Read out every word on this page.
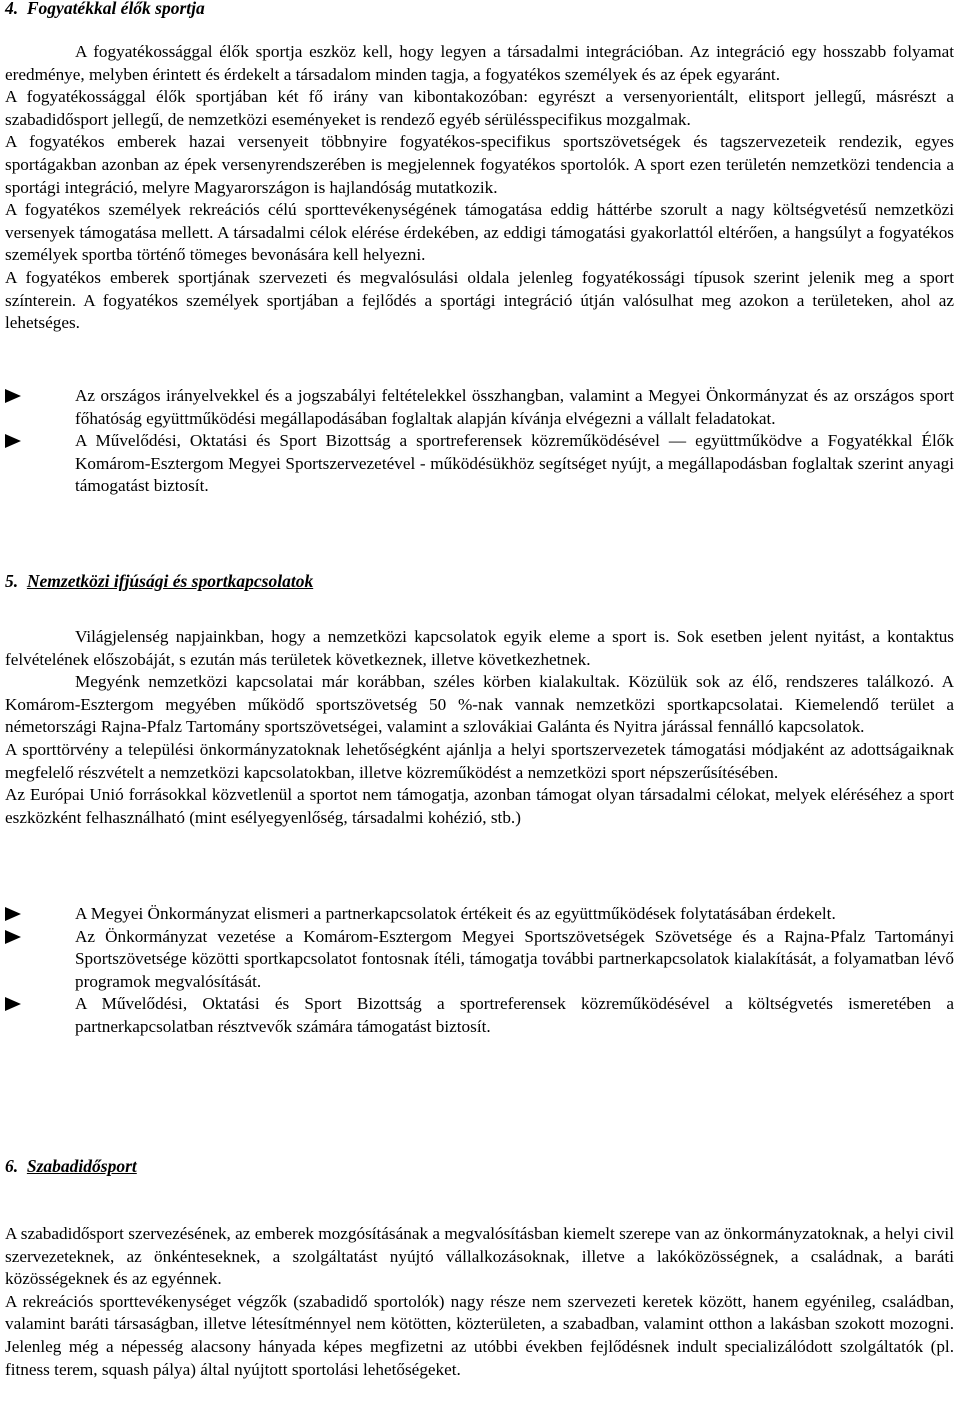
4. Fogyatékkal élők sportja

A fogyatékossággal élők sportja eszköz kell, hogy legyen a társadalmi integrációban. Az integráció egy hosszabb folyamat eredménye, melyben érintett és érdekelt a társadalom minden tagja, a fogyatékos személyek és az épek egyaránt.

A fogyatékossággal élők sportjában két fő irány van kibontakozóban: egyrészt a versenyorientált, elitsport jellegű, másrészt a szabadidősport jellegű, de nemzetközi eseményeket is rendező egyéb sérülésspecifikus mozgalmak.

A fogyatékos emberek hazai versenyeit többnyire fogyatékos-specifikus sportszövetségek és tagszervezeteik rendezik, egyes sportágakban azonban az épek versenyrendszerében is megjelennek fogyatékos sportolók. A sport ezen területén nemzetközi tendencia a sportági integráció, melyre Magyarországon is hajlandóság mutatkozik.

A fogyatékos személyek rekreációs célú sporttevékenységének támogatása eddig háttérbe szorult a nagy költségvetésű nemzetközi versenyek támogatása mellett. A társadalmi célok elérése érdekében, az eddigi támogatási gyakorlattól eltérően, a hangsúlyt a fogyatékos személyek sportba történő tömeges bevonására kell helyezni.

A fogyatékos emberek sportjának szervezeti és megvalósulási oldala jelenleg fogyatékossági típusok szerint jelenik meg a sport színterein. A fogyatékos személyek sportjában a fejlődés a sportági integráció útján valósulhat meg azokon a területeken, ahol az lehetséges.

Az országos irányelvekkel és a jogszabályi feltételekkel összhangban, valamint a Megyei Önkormányzat és az országos sport főhatóság együttműködési megállapodásában foglaltak alapján kívánja elvégezni a vállalt feladatokat.
A Művelődési, Oktatási és Sport Bizottság a sportreferensek közreműködésével — együttműködve a Fogyatékkal Élők Komárom-Esztergom Megyei Sportszervezetével - működésükhöz segítséget nyújt, a megállapodásban foglaltak szerint anyagi támogatást biztosít.
5. Nemzetközi ifjúsági és sportkapcsolatok

Világjelenség napjainkban, hogy a nemzetközi kapcsolatok egyik eleme a sport is. Sok esetben jelent nyitást, a kontaktus felvételének előszobáját, s ezután más területek következnek, illetve következhetnek.

Megyénk nemzetközi kapcsolatai már korábban, széles körben kialakultak. Közülük sok az élő, rendszeres találkozó. A Komárom-Esztergom megyében működő sportszövetség 50 %-nak vannak nemzetközi sportkapcsolatai. Kiemelendő terület a németországi Rajna-Pfalz Tartomány sportszövetségei, valamint a szlovákiai Galánta és Nyitra járással fennálló kapcsolatok.

A sporttörvény a települési önkormányzatoknak lehetőségként ajánlja a helyi sportszervezetek támogatási módjaként az adottságaiknak megfelelő részvételt a nemzetközi kapcsolatokban, illetve közreműködést a nemzetközi sport népszerűsítésében.

Az Európai Unió forrásokkal közvetlenül a sportot nem támogatja, azonban támogat olyan társadalmi célokat, melyek eléréséhez a sport eszközként felhasználható (mint esélyegyenlőség, társadalmi kohézió, stb.)

A Megyei Önkormányzat elismeri a partnerkapcsolatok értékeit és az együttműködések folytatásában érdekelt.
Az Önkormányzat vezetése a Komárom-Esztergom Megyei Sportszövetségek Szövetsége és a Rajna-Pfalz Tartományi Sportszövetsége közötti sportkapcsolatot fontosnak ítéli, támogatja további partnerkapcsolatok kialakítását, a folyamatban lévő programok megvalósítását.
A Művelődési, Oktatási és Sport Bizottság a sportreferensek közreműködésével a költségvetés ismeretében a partnerkapcsolatban résztvevők számára támogatást biztosít.
6. Szabadidősport

A szabadidősport szervezésének, az emberek mozgósításának a megvalósításban kiemelt szerepe van az önkormányzatoknak, a helyi civil szervezeteknek, az önkénteseknek, a szolgáltatást nyújtó vállalkozásoknak, illetve a lakóközösségnek, a családnak, a baráti közösségeknek és az egyénnek.

A rekreációs sporttevékenységet végzők (szabadidő sportolók) nagy része nem szervezeti keretek között, hanem egyénileg, családban, valamint baráti társaságban, illetve létesítménnyel nem kötötten, közterületen, a szabadban, valamint otthon a lakásban szokott mozogni. Jelenleg még a népesség alacsony hányada képes megfizetni az utóbbi években fejlődésnek indult specializálódott szolgáltatók (pl. fitness terem, squash pálya) által nyújtott sportolási lehetőségeket.
